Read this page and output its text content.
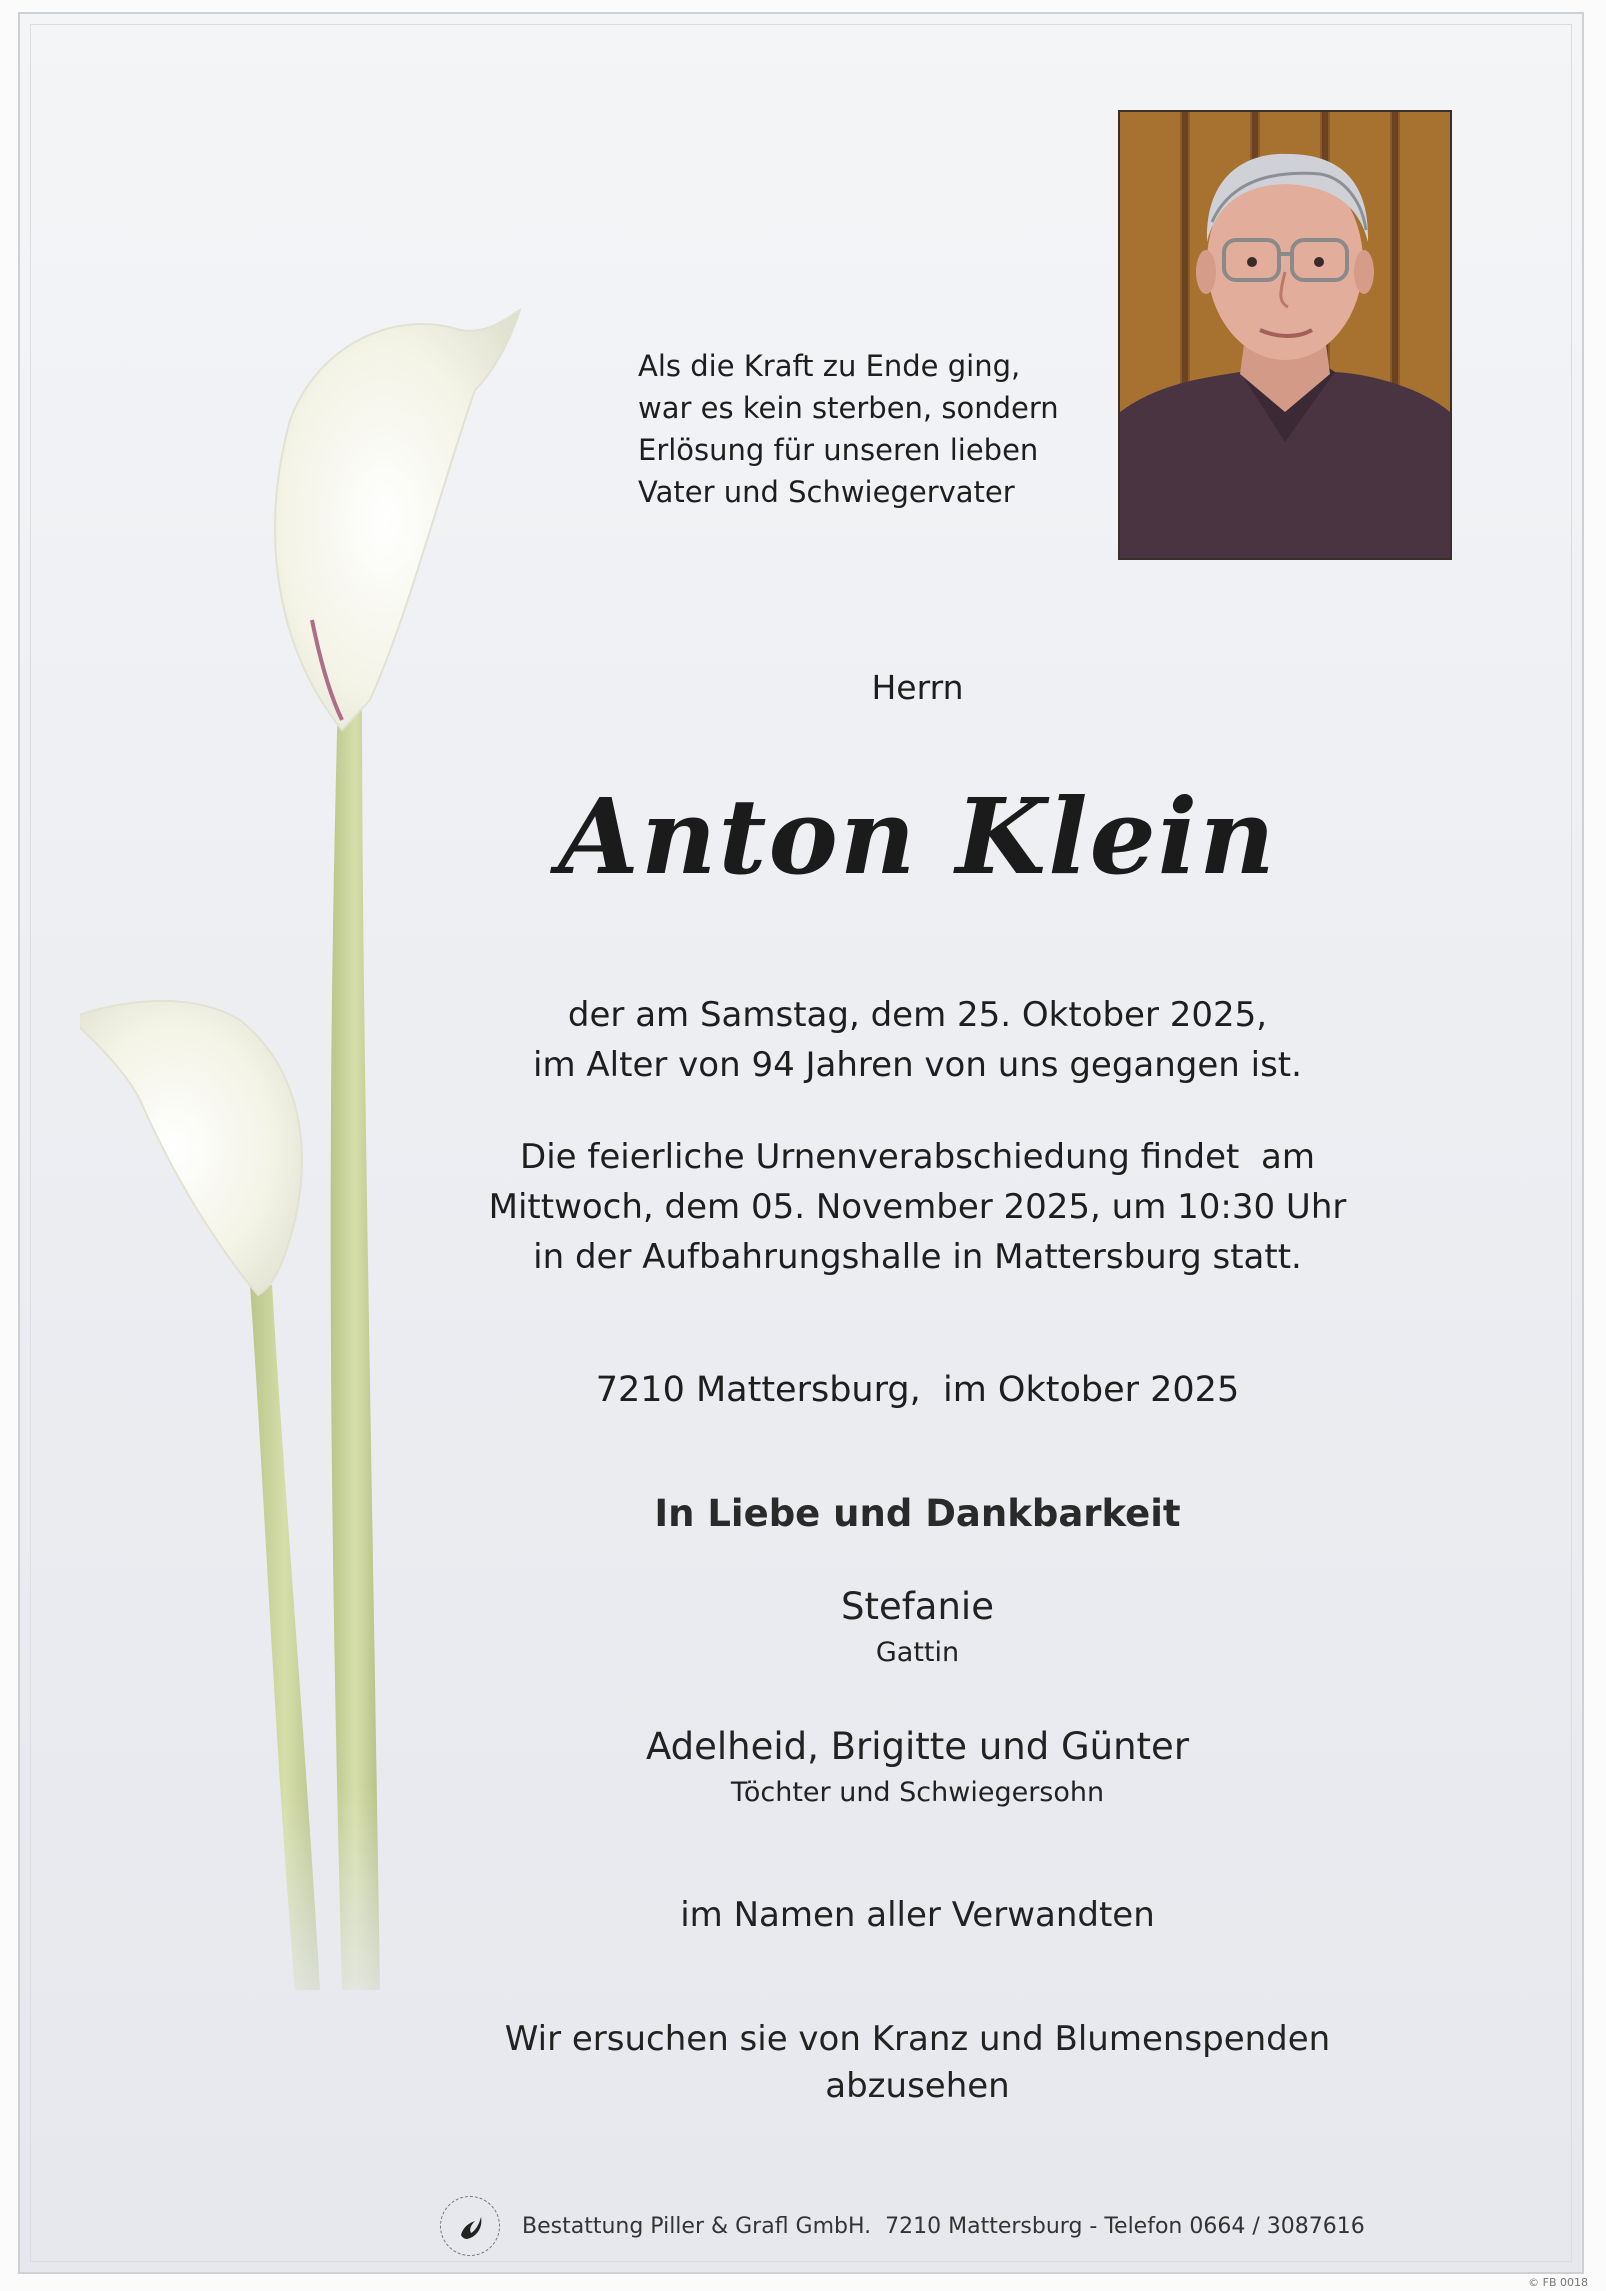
Als die Kraft zu Ende ging,
war es kein sterben, sondern
Erlösung für unseren lieben
Vater und Schwiegervater
Herrn
Anton Klein
der am Samstag, dem 25. Oktober 2025,
im Alter von 94 Jahren von uns gegangen ist.
Die feierliche Urnenverabschiedung findet  am
Mittwoch, dem 05. November 2025, um 10:30 Uhr
in der Aufbahrungshalle in Mattersburg statt.
7210 Mattersburg,  im Oktober 2025
In Liebe und Dankbarkeit
Stefanie
Gattin
Adelheid, Brigitte und Günter
Töchter und Schwiegersohn
im Namen aller Verwandten
Wir ersuchen sie von Kranz und Blumenspenden
abzusehen
Bestattung Piller & Grafl GmbH.  7210 Mattersburg - Telefon 0664 / 3087616
© FB 0018
